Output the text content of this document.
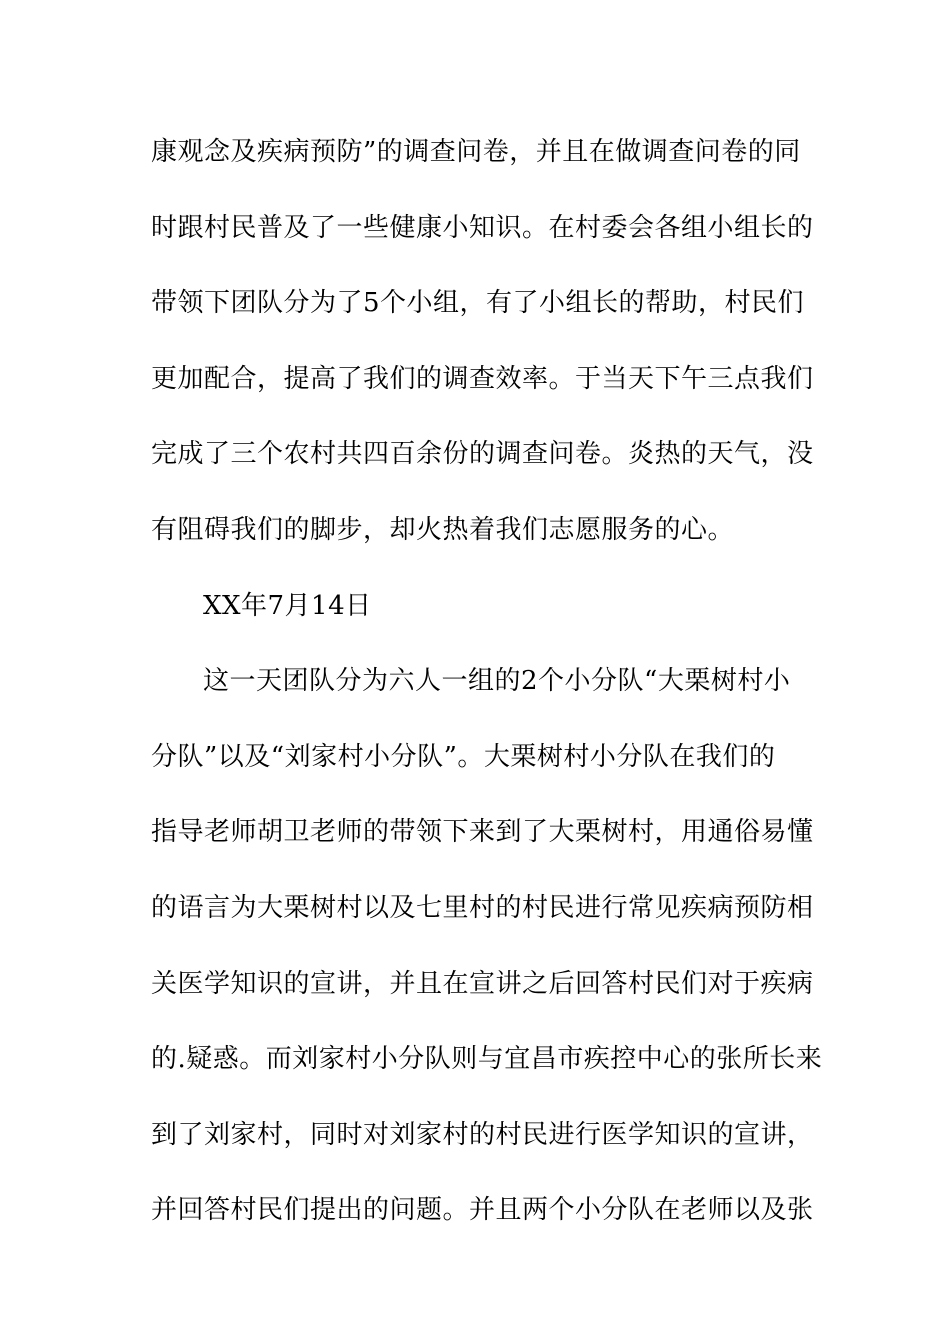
康观念及疾病预防”的调查问卷，并且在做调查问卷的同
时跟村民普及了一些健康小知识。在村委会各组小组长的
带领下团队分为了5个小组，有了小组长的帮助，村民们
更加配合，提高了我们的调查效率。于当天下午三点我们
完成了三个农村共四百余份的调查问卷。炎热的天气，没
有阻碍我们的脚步，却火热着我们志愿服务的心。
XX年7月14日
这一天团队分为六人一组的2个小分队“大栗树村小
分队”以及“刘家村小分队”。大栗树村小分队在我们的
指导老师胡卫老师的带领下来到了大栗树村，用通俗易懂
的语言为大栗树村以及七里村的村民进行常见疾病预防相
关医学知识的宣讲，并且在宣讲之后回答村民们对于疾病
的.疑惑。而刘家村小分队则与宜昌市疾控中心的张所长来
到了刘家村，同时对刘家村的村民进行医学知识的宣讲，
并回答村民们提出的问题。并且两个小分队在老师以及张
